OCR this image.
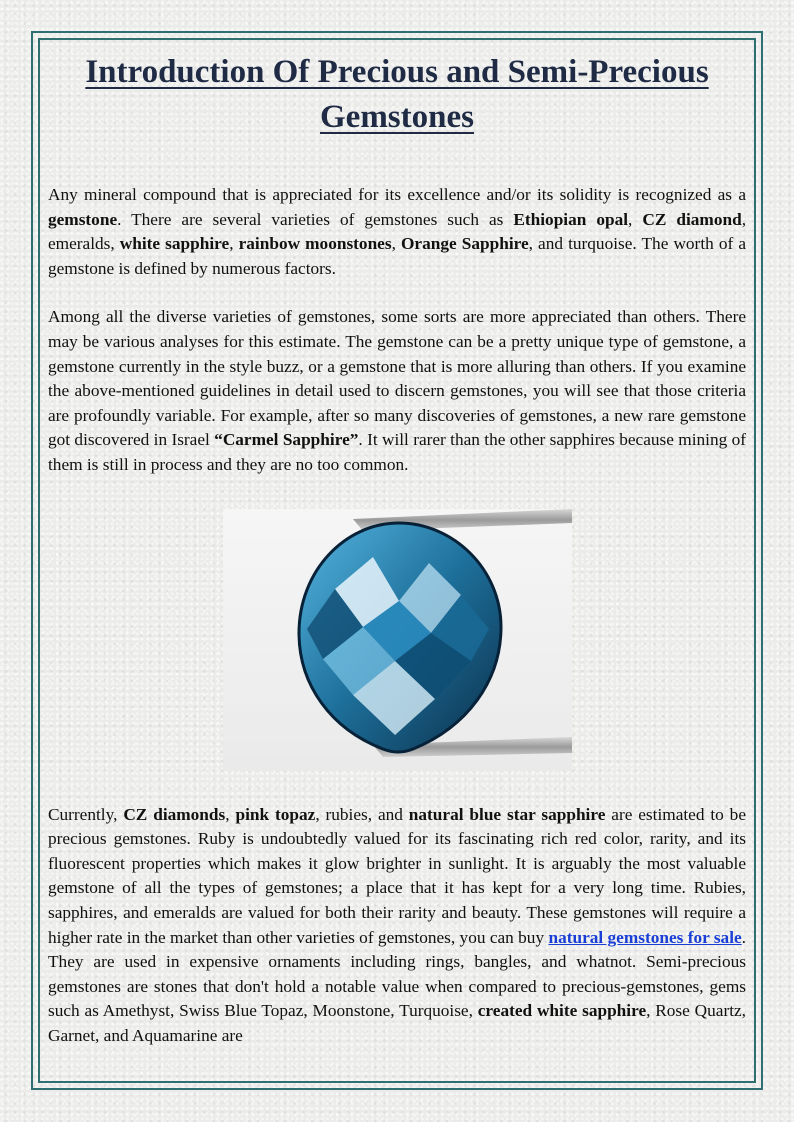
Introduction Of Precious and Semi-Precious Gemstones

Any mineral compound that is appreciated for its excellence and/or its solidity is recognized as a gemstone. There are several varieties of gemstones such as Ethiopian opal, CZ diamond, emeralds, white sapphire, rainbow moonstones, Orange Sapphire, and turquoise. The worth of a gemstone is defined by numerous factors.

Among all the diverse varieties of gemstones, some sorts are more appreciated than others. There may be various analyses for this estimate. The gemstone can be a pretty unique type of gemstone, a gemstone currently in the style buzz, or a gemstone that is more alluring than others. If you examine the above-mentioned guidelines in detail used to discern gemstones, you will see that those criteria are profoundly variable. For example, after so many discoveries of gemstones, a new rare gemstone got discovered in Israel “Carmel Sapphire”. It will rarer than the other sapphires because mining of them is still in process and they are no too common.

Currently, CZ diamonds, pink topaz, rubies, and natural blue star sapphire are estimated to be precious gemstones. Ruby is undoubtedly valued for its fascinating rich red color, rarity, and its fluorescent properties which makes it glow brighter in sunlight. It is arguably the most valuable gemstone of all the types of gemstones; a place that it has kept for a very long time. Rubies, sapphires, and emeralds are valued for both their rarity and beauty. These gemstones will require a higher rate in the market than other varieties of gemstones, you can buy natural gemstones for sale. They are used in expensive ornaments including rings, bangles, and whatnot. Semi-precious gemstones are stones that don't hold a notable value when compared to precious-gemstones, gems such as Amethyst, Swiss Blue Topaz, Moonstone, Turquoise, created white sapphire, Rose Quartz, Garnet, and Aquamarine are
